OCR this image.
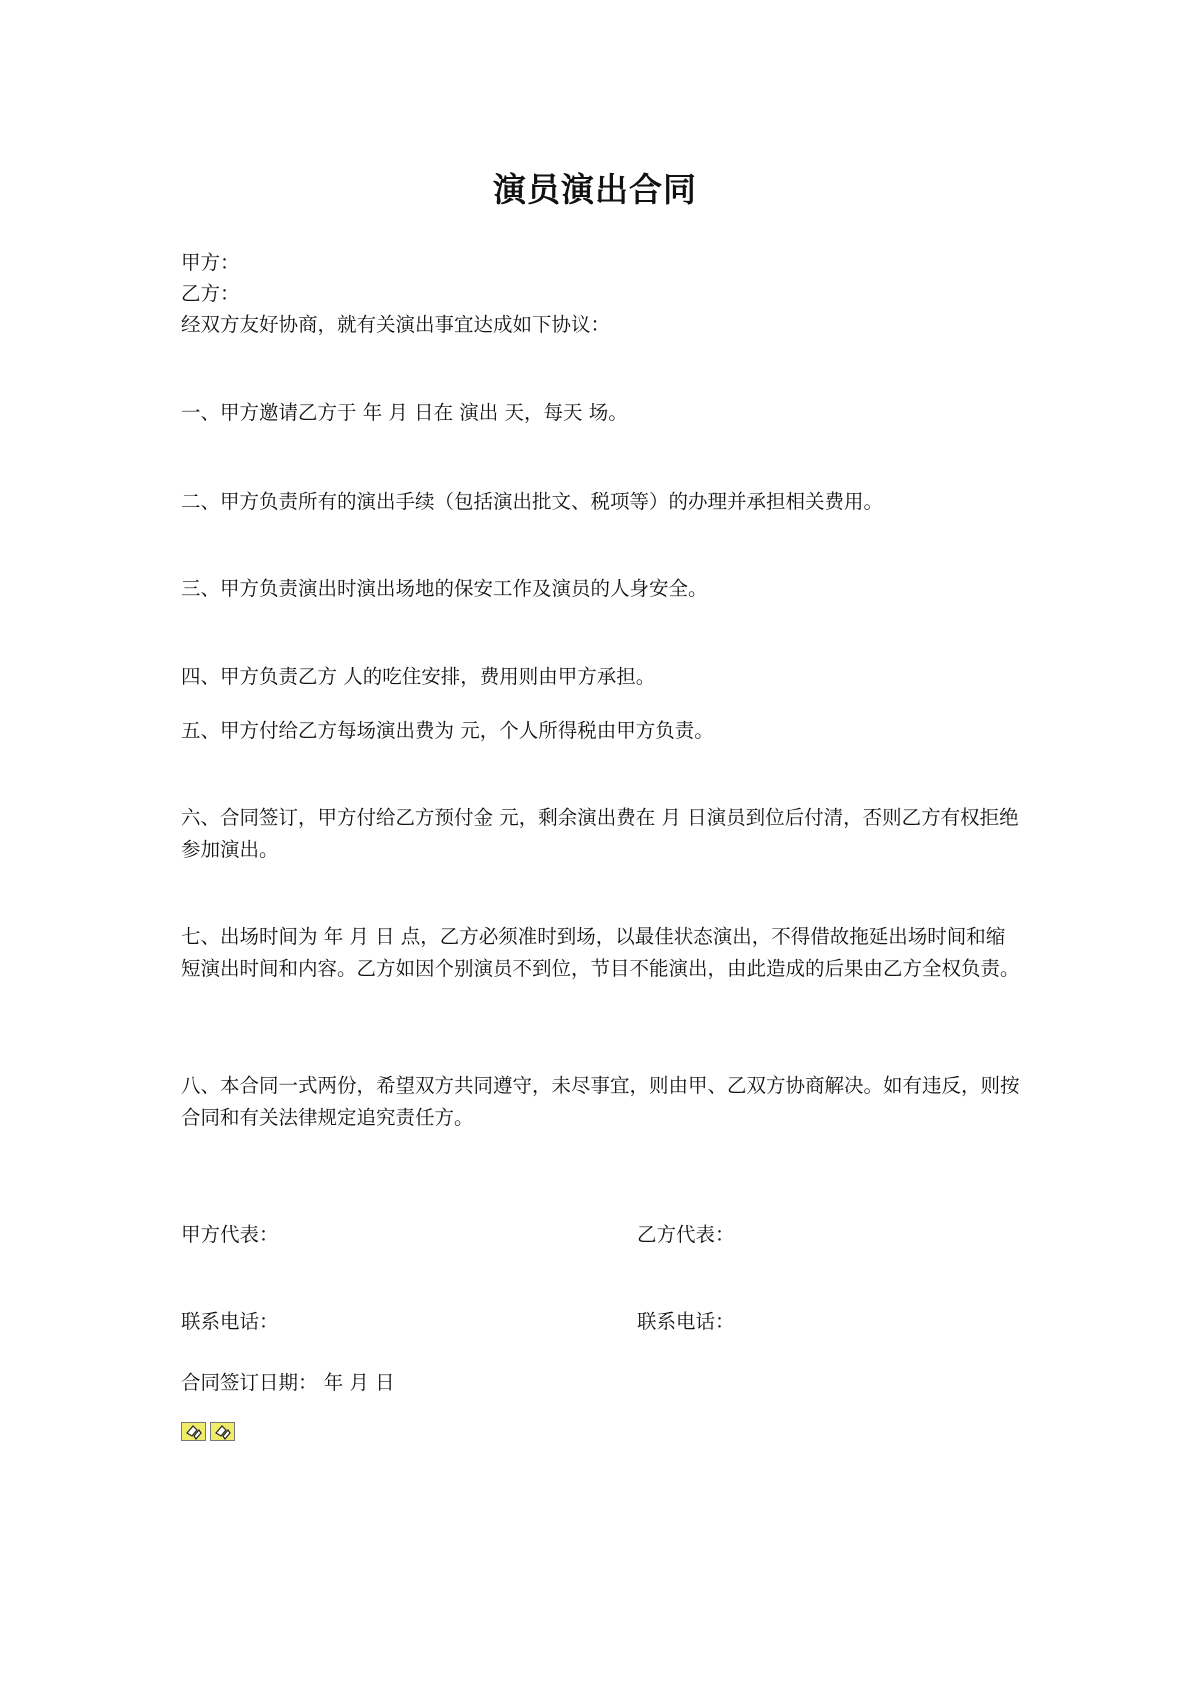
演员演出合同
甲方：
乙方：
经双方友好协商，就有关演出事宜达成如下协议：
一、甲方邀请乙方于 年 月 日在 演出 天，每天 场。
二、甲方负责所有的演出手续（包括演出批文、税项等）的办理并承担相关费用。
三、甲方负责演出时演出场地的保安工作及演员的人身安全。
四、甲方负责乙方 人的吃住安排，费用则由甲方承担。
五、甲方付给乙方每场演出费为 元，个人所得税由甲方负责。
六、合同签订，甲方付给乙方预付金 元，剩余演出费在 月 日演员到位后付清，否则乙方有权拒绝参加演出。
七、出场时间为 年 月 日 点，乙方必须准时到场，以最佳状态演出，不得借故拖延出场时间和缩短演出时间和内容。乙方如因个别演员不到位，节目不能演出，由此造成的后果由乙方全权负责。
八、本合同一式两份，希望双方共同遵守，未尽事宜，则由甲、乙双方协商解决。如有违反，则按合同和有关法律规定追究责任方。
甲方代表：	乙方代表：
联系电话：	联系电话：
合同签订日期： 年 月 日
